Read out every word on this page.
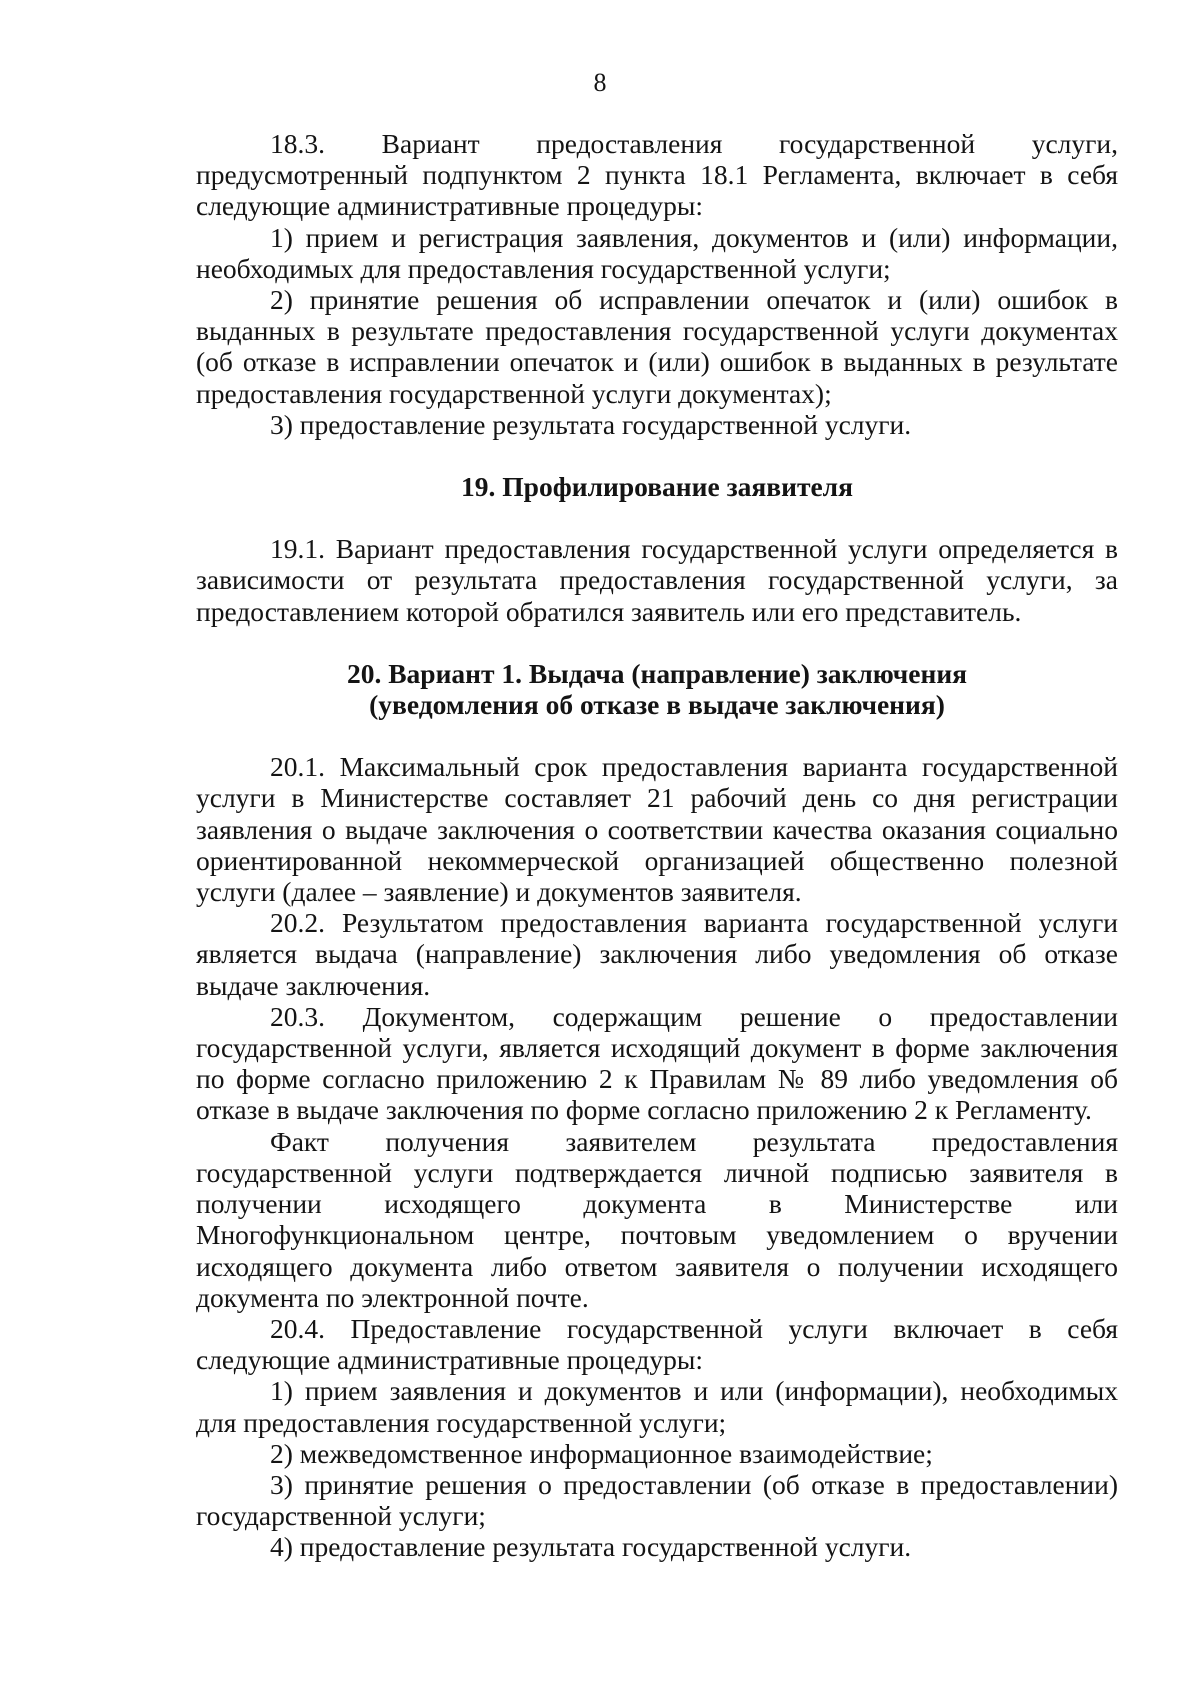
8

18.3. Вариант предоставления государственной услуги, предусмотренный подпунктом 2 пункта 18.1 Регламента, включает в себя следующие административные процедуры:

1) прием и регистрация заявления, документов и (или) информации, необходимых для предоставления государственной услуги;

2) принятие решения об исправлении опечаток и (или) ошибок в выданных в результате предоставления государственной услуги документах (об отказе в исправлении опечаток и (или) ошибок в выданных в результате предоставления государственной услуги документах);

3) предоставление результата государственной услуги.

19. Профилирование заявителя

19.1. Вариант предоставления государственной услуги определяется в зависимости от результата предоставления государственной услуги, за предоставлением которой обратился заявитель или его представитель.

20. Вариант 1. Выдача (направление) заключения

(уведомления об отказе в выдаче заключения)

20.1. Максимальный срок предоставления варианта государственной услуги в Министерстве составляет 21 рабочий день со дня регистрации заявления о выдаче заключения о соответствии качества оказания социально ориентированной некоммерческой организацией общественно полезной услуги (далее – заявление) и документов заявителя.

20.2. Результатом предоставления варианта государственной услуги является выдача (направление) заключения либо уведомления об отказе выдаче заключения.

20.3. Документом, содержащим решение о предоставлении государственной услуги, является исходящий документ в форме заключения по форме согласно приложению 2 к Правилам № 89 либо уведомления об отказе в выдаче заключения по форме согласно приложению 2 к Регламенту.

Факт получения заявителем результата предоставления государственной услуги подтверждается личной подписью заявителя в получении исходящего документа в Министерстве или Многофункциональном центре, почтовым уведомлением о вручении исходящего документа либо ответом заявителя о получении исходящего документа по электронной почте.

20.4. Предоставление государственной услуги включает в себя следующие административные процедуры:

1) прием заявления и документов и или (информации), необходимых для предоставления государственной услуги;

2) межведомственное информационное взаимодействие;

3) принятие решения о предоставлении (об отказе в предоставлении) государственной услуги;

4) предоставление результата государственной услуги.
